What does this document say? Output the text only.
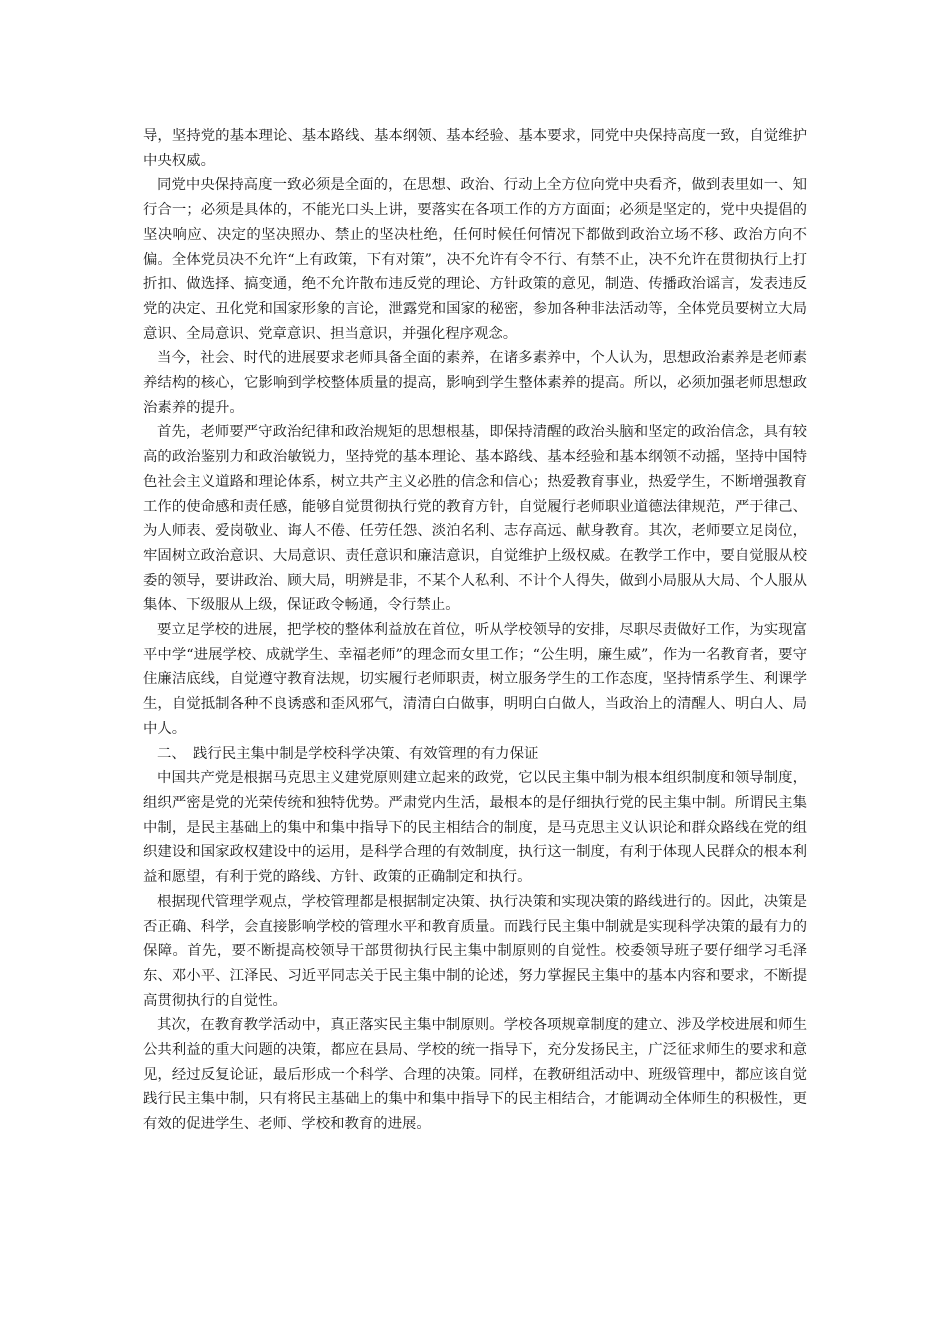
导，坚持党的基本理论、基本路线、基本纲领、基本经验、基本要求，同党中央保持高度一致，自觉维护中央权威。

同党中央保持高度一致必须是全面的，在思想、政治、行动上全方位向党中央看齐，做到表里如一、知行合一；必须是具体的，不能光口头上讲，要落实在各项工作的方方面面；必须是坚定的，党中央提倡的坚决响应、决定的坚决照办、禁止的坚决杜绝，任何时候任何情况下都做到政治立场不移、政治方向不偏。全体党员决不允许“上有政策，下有对策”，决不允许有令不行、有禁不止，决不允许在贯彻执行上打折扣、做选择、搞变通，绝不允许散布违反党的理论、方针政策的意见，制造、传播政治谣言，发表违反党的决定、丑化党和国家形象的言论，泄露党和国家的秘密，参加各种非法活动等，全体党员要树立大局意识、全局意识、党章意识、担当意识，并强化程序观念。

当今，社会、时代的进展要求老师具备全面的素养，在诸多素养中，个人认为，思想政治素养是老师素养结构的核心，它影响到学校整体质量的提高，影响到学生整体素养的提高。所以，必须加强老师思想政治素养的提升。

首先，老师要严守政治纪律和政治规矩的思想根基，即保持清醒的政治头脑和坚定的政治信念，具有较高的政治鉴别力和政治敏锐力，坚持党的基本理论、基本路线、基本经验和基本纲领不动摇，坚持中国特色社会主义道路和理论体系，树立共产主义必胜的信念和信心；热爱教育事业，热爱学生，不断增强教育工作的使命感和责任感，能够自觉贯彻执行党的教育方针，自觉履行老师职业道德法律规范，严于律己、为人师表、爱岗敬业、诲人不倦、任劳任怨、淡泊名利、志存高远、献身教育。其次，老师要立足岗位，牢固树立政治意识、大局意识、责任意识和廉洁意识，自觉维护上级权威。在教学工作中，要自觉服从校委的领导，要讲政治、顾大局，明辨是非，不某个人私利、不计个人得失，做到小局服从大局、个人服从集体、下级服从上级，保证政令畅通，令行禁止。

要立足学校的进展，把学校的整体利益放在首位，听从学校领导的安排，尽职尽责做好工作，为实现富平中学“进展学校、成就学生、幸福老师”的理念而女里工作；“公生明，廉生威”，作为一名教育者，要守住廉洁底线，自觉遵守教育法规，切实履行老师职责，树立服务学生的工作态度，坚持情系学生、利课学生，自觉抵制各种不良诱惑和歪风邪气，清清白白做事，明明白白做人，当政治上的清醒人、明白人、局中人。

二、　践行民主集中制是学校科学决策、有效管理的有力保证

中国共产党是根据马克思主义建党原则建立起来的政党，它以民主集中制为根本组织制度和领导制度，组织严密是党的光荣传统和独特优势。严肃党内生活，最根本的是仔细执行党的民主集中制。所谓民主集中制，是民主基础上的集中和集中指导下的民主相结合的制度，是马克思主义认识论和群众路线在党的组织建设和国家政权建设中的运用，是科学合理的有效制度，执行这一制度，有利于体现人民群众的根本利益和愿望，有利于党的路线、方针、政策的正确制定和执行。

根据现代管理学观点，学校管理都是根据制定决策、执行决策和实现决策的路线进行的。因此，决策是否正确、科学，会直接影响学校的管理水平和教育质量。而践行民主集中制就是实现科学决策的最有力的保障。首先，要不断提高校领导干部贯彻执行民主集中制原则的自觉性。校委领导班子要仔细学习毛泽东、邓小平、江泽民、习近平同志关于民主集中制的论述，努力掌握民主集中的基本内容和要求，不断提高贯彻执行的自觉性。

其次，在教育教学活动中，真正落实民主集中制原则。学校各项规章制度的建立、涉及学校进展和师生公共利益的重大问题的决策，都应在县局、学校的统一指导下，充分发扬民主，广泛征求师生的要求和意见，经过反复论证，最后形成一个科学、合理的决策。同样，在教研组活动中、班级管理中，都应该自觉践行民主集中制，只有将民主基础上的集中和集中指导下的民主相结合，才能调动全体师生的积极性，更有效的促进学生、老师、学校和教育的进展。
